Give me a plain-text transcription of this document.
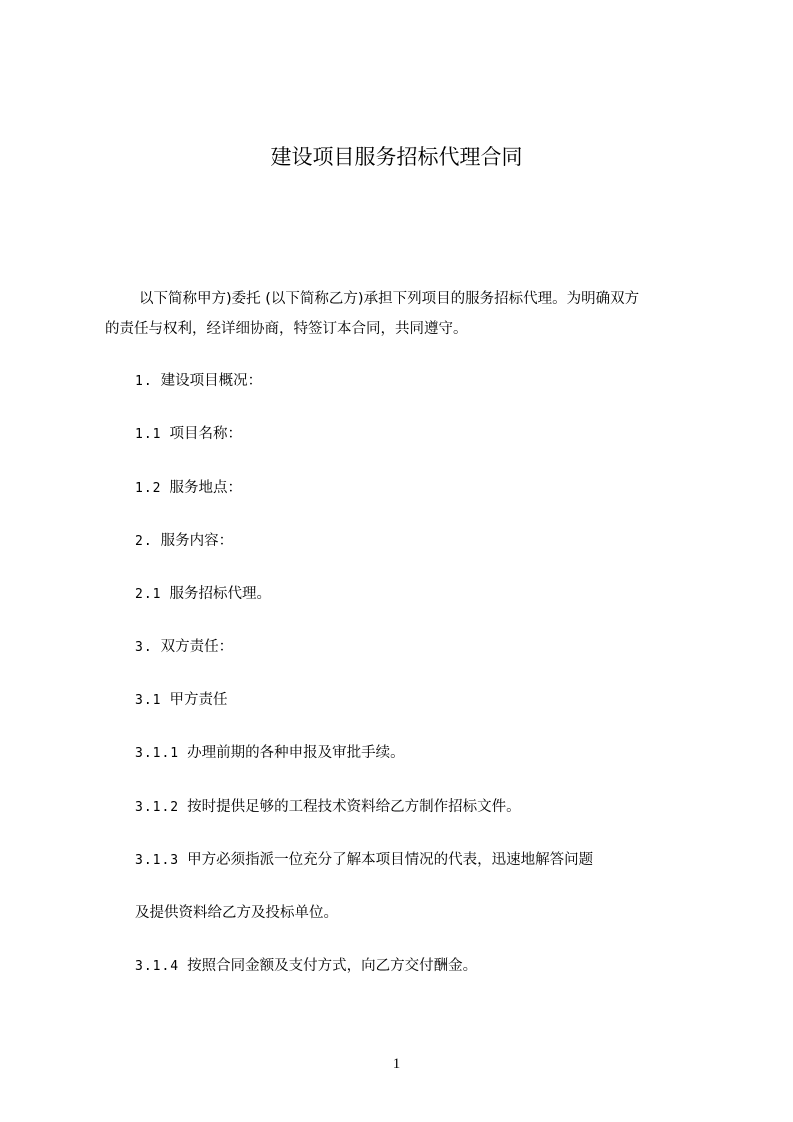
建设项目服务招标代理合同

以下简称甲方)委托 (以下简称乙方)承担下列项目的服务招标代理。为明确双方

的责任与权利，经详细协商，特签订本合同，共同遵守。

1. 建设项目概况：

1.1 项目名称：

1.2 服务地点：

2. 服务内容：

2.1 服务招标代理。

3. 双方责任：

3.1 甲方责任

3.1.1 办理前期的各种申报及审批手续。

3.1.2 按时提供足够的工程技术资料给乙方制作招标文件。

3.1.3 甲方必须指派一位充分了解本项目情况的代表，迅速地解答问题

及提供资料给乙方及投标单位。

3.1.4 按照合同金额及支付方式，向乙方交付酬金。

1
